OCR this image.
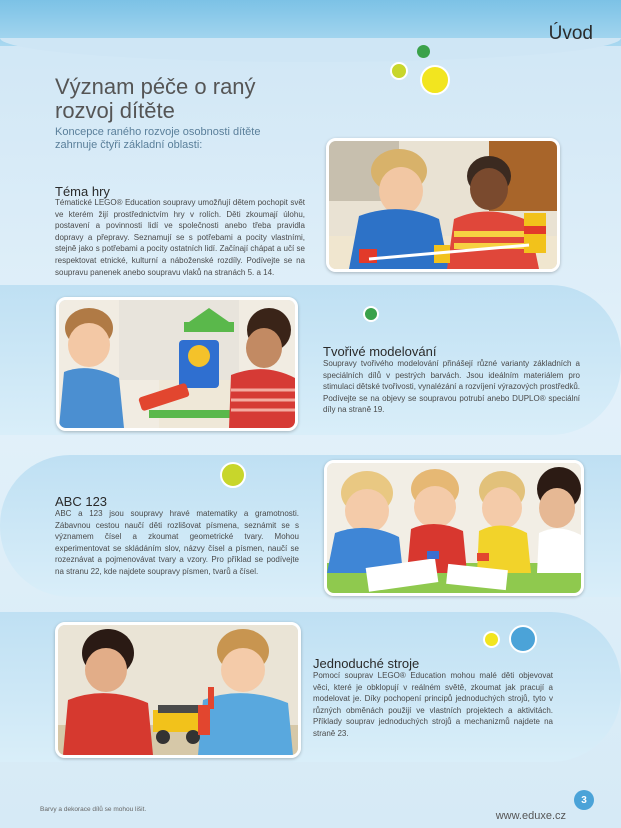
Úvod
Význam péče o raný rozvoj dítěte
Koncepce raného rozvoje osobnosti dítěte zahrnuje čtyři základní oblasti:
Téma hry
Tématické LEGO® Education soupravy umožňují dětem pochopit svět ve kterém žijí prostřednictvím hry v rolích. Děti zkoumají úlohu, postavení a povinnosti lidí ve společnosti anebo třeba pravidla dopravy a přepravy. Seznamují se s potřebami a pocity vlastními, stejně jako s potřebami a pocity ostatních lidí. Začínají chápat a učí se respektovat etnické, kulturní a náboženské rozdíly. Podívejte se na soupravu panenek anebo soupravu vlaků na stranách 5. a 14.
Tvořivé modelování
Soupravy tvořivého modelování přinášejí různé varianty základních a speciálních dílů v pestrých barvách. Jsou ideálním materiálem pro stimulaci dětské tvořivosti, vynalézání a rozvíjení výrazových prostředků. Podívejte se na objevy se soupravou potrubí anebo DUPLO® speciální díly na straně 19.
ABC 123
ABC a 123 jsou soupravy hravé matematiky a gramotnosti. Zábavnou cestou naučí děti rozlišovat písmena, seznámit se s významem čísel a zkoumat geometrické tvary. Mohou experimentovat se skládáním slov, názvy čísel a písmen, naučí se rozeznávat a pojmenovávat tvary a vzory. Pro příklad se podívejte na stranu 22, kde najdete soupravy písmen, tvarů a čísel.
Jednoduché stroje
Pomocí souprav LEGO® Education mohou malé děti objevovat věci, které je obklopují v reálném světě, zkoumat jak pracují a modelovat je. Díky pochopení principů jednoduchých strojů, tyto v různých obměnách použijí ve vlastních projektech a aktivitách. Příklady souprav jednoduchých strojů a mechanizmů najdete na straně 23.
Barvy a dekorace dílů se mohou lišit.
3
www.eduxe.cz
